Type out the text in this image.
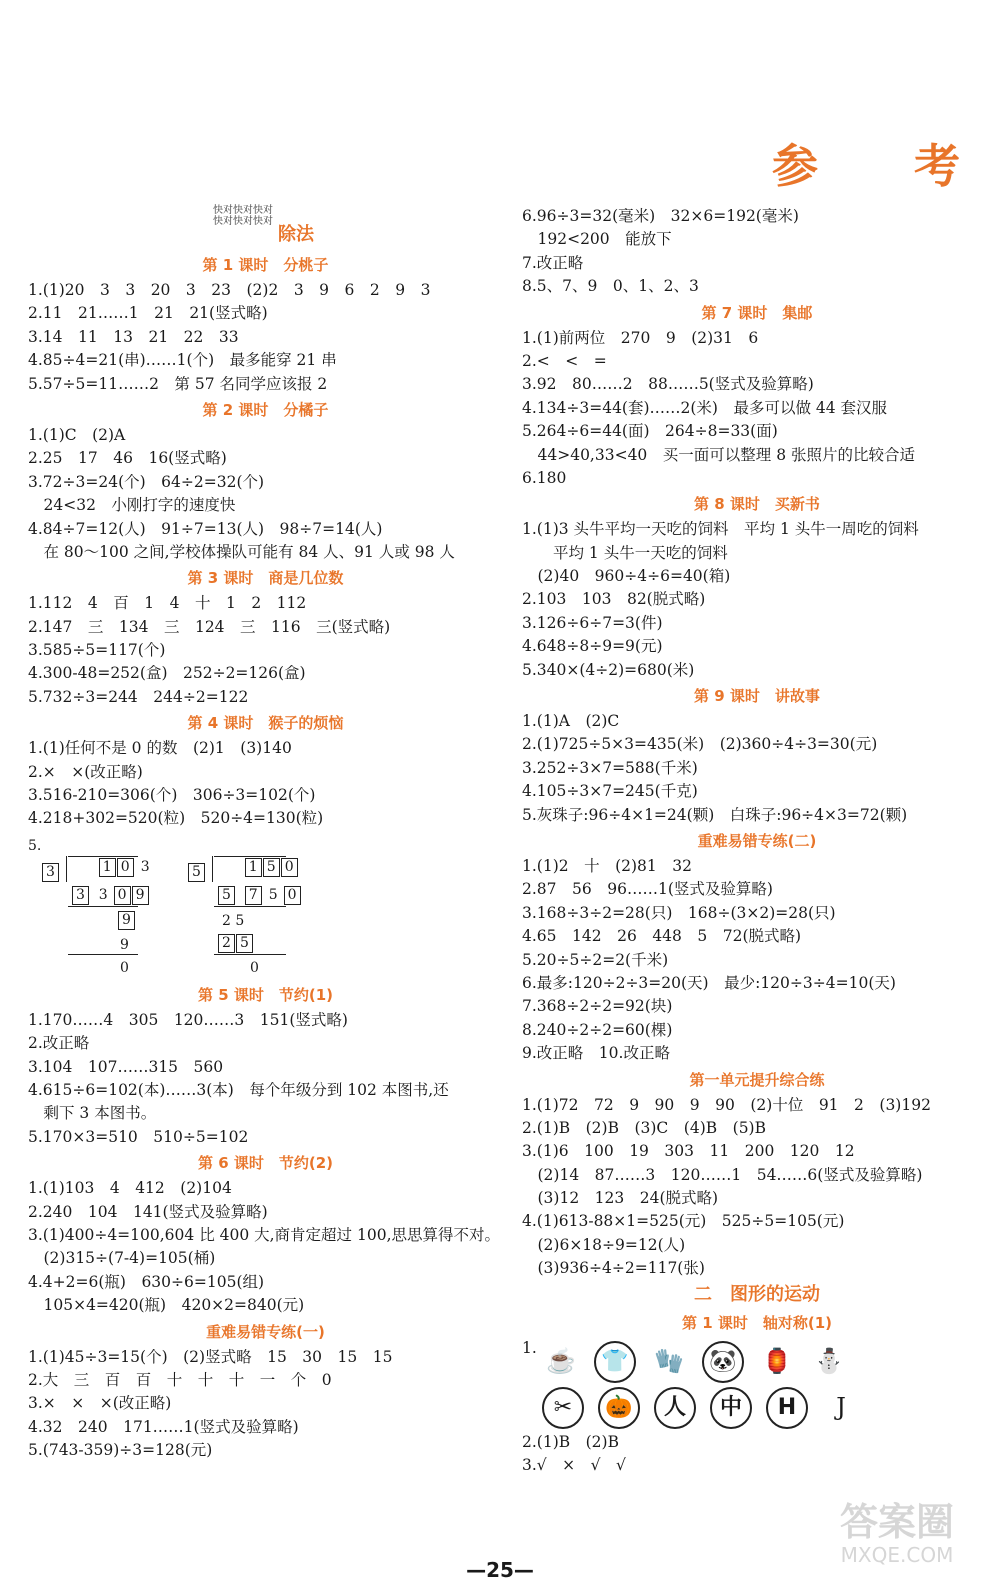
参 考
快对快对快对
快对快对快对
除法
第 1 课时　分桃子
1.(1)20　3　3　20　3　23　(2)2　3　9　6　2　9　3
2.11　21……1　21　21(竖式略)
3.14　11　13　21　22　33
4.85÷4=21(串)……1(个)　最多能穿 21 串
5.57÷5=11……2　第 57 名同学应该报 2
第 2 课时　分橘子
1.(1)C　(2)A
2.25　17　46　16(竖式略)
3.72÷3=24(个)　64÷2=32(个)
　24<32　小刚打字的速度快
4.84÷7=12(人)　91÷7=13(人)　98÷7=14(人)
　在 80～100 之间,学校体操队可能有 84 人、91 人或 98 人
第 3 课时　商是几位数
1.112　4　百　1　4　十　1　2　112
2.147　三　134　三　124　三　116　三(竖式略)
3.585÷5=117(个)
4.300-48=252(盒)　252÷2=126(盒)
5.732÷3=244　244÷2=122
第 4 课时　猴子的烦恼
1.(1)任何不是 0 的数　(2)1　(3)140
2.×　×(改正略)
3.516-210=306(个)　306÷3=102(个)
4.218+302=520(粒)　520÷4=130(粒)
5.

1 0 3

3

3 0 9

3
9
9
0

1 5 0

5

7 5 0

5
2 5
2 5
0
第 5 课时　节约(1)
1.170……4　305　120……3　151(竖式略)
2.改正略
3.104　107……315　560
4.615÷6=102(本)……3(本)　每个年级分到 102 本图书,还
　剩下 3 本图书。
5.170×3=510　510÷5=102
第 6 课时　节约(2)
1.(1)103　4　412　(2)104
2.240　104　141(竖式及验算略)
3.(1)400÷4=100,604 比 400 大,商肯定超过 100,思思算得不对。
　(2)315÷(7-4)=105(桶)
4.4+2=6(瓶)　630÷6=105(组)
　105×4=420(瓶)　420×2=840(元)
重难易错专练(一)
1.(1)45÷3=15(个)　(2)竖式略　15　30　15　15
2.大　三　百　百　十　十　十　一　个　0
3.×　×　×(改正略)
4.32　240　171……1(竖式及验算略)
5.(743-359)÷3=128(元)
6.96÷3=32(毫米)　32×6=192(毫米)
　192<200　能放下
7.改正略
8.5、7、9　0、1、2、3
第 7 课时　集邮
1.(1)前两位　270　9　(2)31　6
2.<　<　=
3.92　80……2　88……5(竖式及验算略)
4.134÷3=44(套)……2(米)　最多可以做 44 套汉服
5.264÷6=44(面)　264÷8=33(面)
　44>40,33<40　买一面可以整理 8 张照片的比较合适
6.180
第 8 课时　买新书
1.(1)3 头牛平均一天吃的饲料　平均 1 头牛一周吃的饲料
　　平均 1 头牛一天吃的饲料
　(2)40　960÷4÷6=40(箱)
2.103　103　82(脱式略)
3.126÷6÷7=3(件)
4.648÷8÷9=9(元)
5.340×(4÷2)=680(米)
第 9 课时　讲故事
1.(1)A　(2)C
2.(1)725÷5×3=435(米)　(2)360÷4÷3=30(元)
3.252÷3×7=588(千米)
4.105÷3×7=245(千克)
5.灰珠子:96÷4×1=24(颗)　白珠子:96÷4×3=72(颗)
重难易错专练(二)
1.(1)2　十　(2)81　32
2.87　56　96……1(竖式及验算略)
3.168÷3÷2=28(只)　168÷(3×2)=28(只)
4.65　142　26　448　5　72(脱式略)
5.20÷5÷2=2(千米)
6.最多:120÷2÷3=20(天)　最少:120÷3÷4=10(天)
7.368÷2÷2=92(块)
8.240÷2÷2=60(棵)
9.改正略　10.改正略
第一单元提升综合练
1.(1)72　72　9　90　9　90　(2)十位　91　2　(3)192
2.(1)B　(2)B　(3)C　(4)B　(5)B
3.(1)6　100　19　303　11　200　120　12
　(2)14　87……3　120……1　54……6(竖式及验算略)
　(3)12　123　24(脱式略)
4.(1)613-88×1=525(元)　525÷5=105(元)
　(2)6×18÷9=12(人)
　(3)936÷4÷2=117(张)
二　图形的运动
第 1 课时　轴对称(1)
1. ☕	👕	🧤	🐼	🏮 ⛄
✂	🎃	人	中	H	J
2.(1)B　(2)B
3.√　×　√　√
—25—
答案圈
MXQE.COM
